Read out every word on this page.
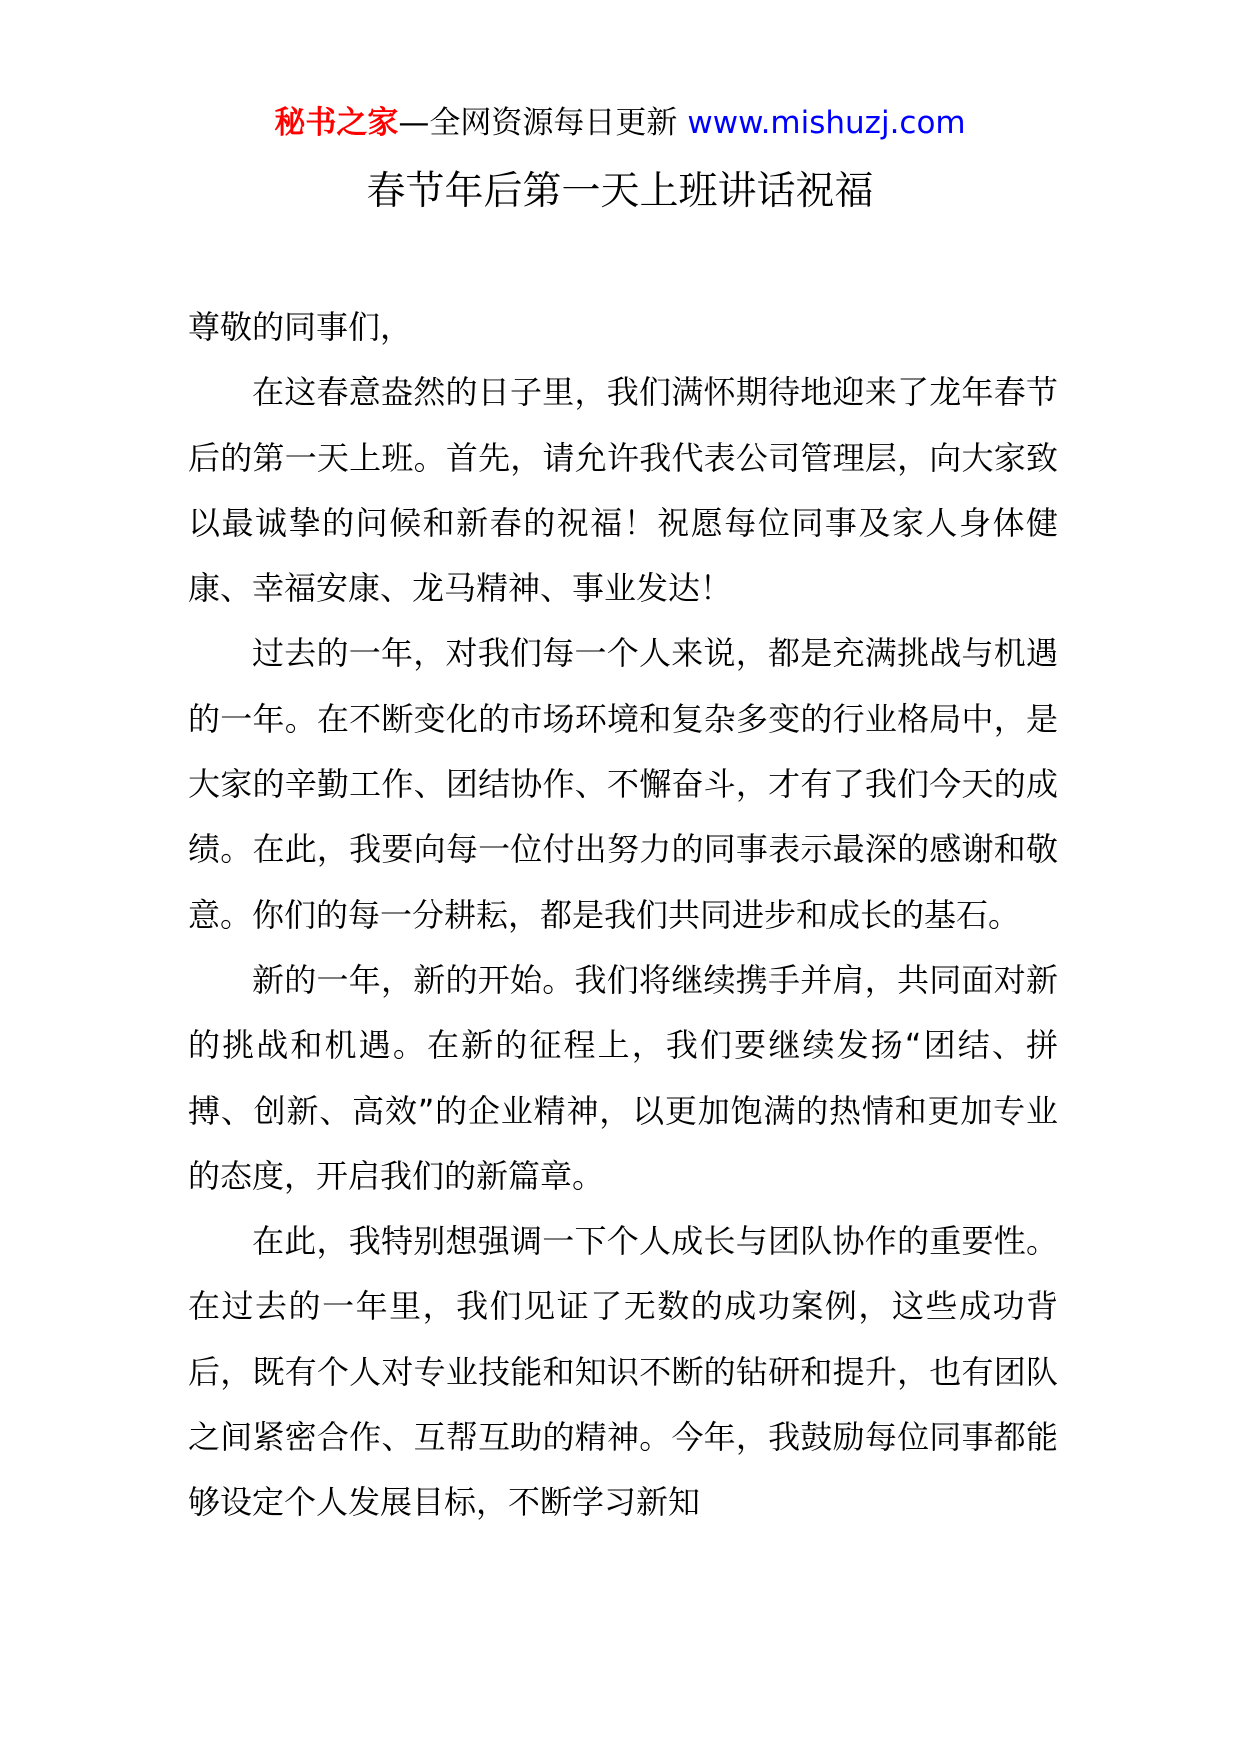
秘书之家—全网资源每日更新 www.mishuzj.com
春节年后第一天上班讲话祝福

尊敬的同事们，

在这春意盎然的日子里，我们满怀期待地迎来了龙年春节后的第一天上班。首先，请允许我代表公司管理层，向大家致以最诚挚的问候和新春的祝福！祝愿每位同事及家人身体健康、幸福安康、龙马精神、事业发达！

过去的一年，对我们每一个人来说，都是充满挑战与机遇的一年。在不断变化的市场环境和复杂多变的行业格局中，是大家的辛勤工作、团结协作、不懈奋斗，才有了我们今天的成绩。在此，我要向每一位付出努力的同事表示最深的感谢和敬意。你们的每一分耕耘，都是我们共同进步和成长的基石。

新的一年，新的开始。我们将继续携手并肩，共同面对新的挑战和机遇。在新的征程上，我们要继续发扬“团结、拼搏、创新、高效”的企业精神，以更加饱满的热情和更加专业的态度，开启我们的新篇章。

在此，我特别想强调一下个人成长与团队协作的重要性。在过去的一年里，我们见证了无数的成功案例，这些成功背后，既有个人对专业技能和知识不断的钻研和提升，也有团队之间紧密合作、互帮互助的精神。今年，我鼓励每位同事都能够设定个人发展目标，不断学习新知
